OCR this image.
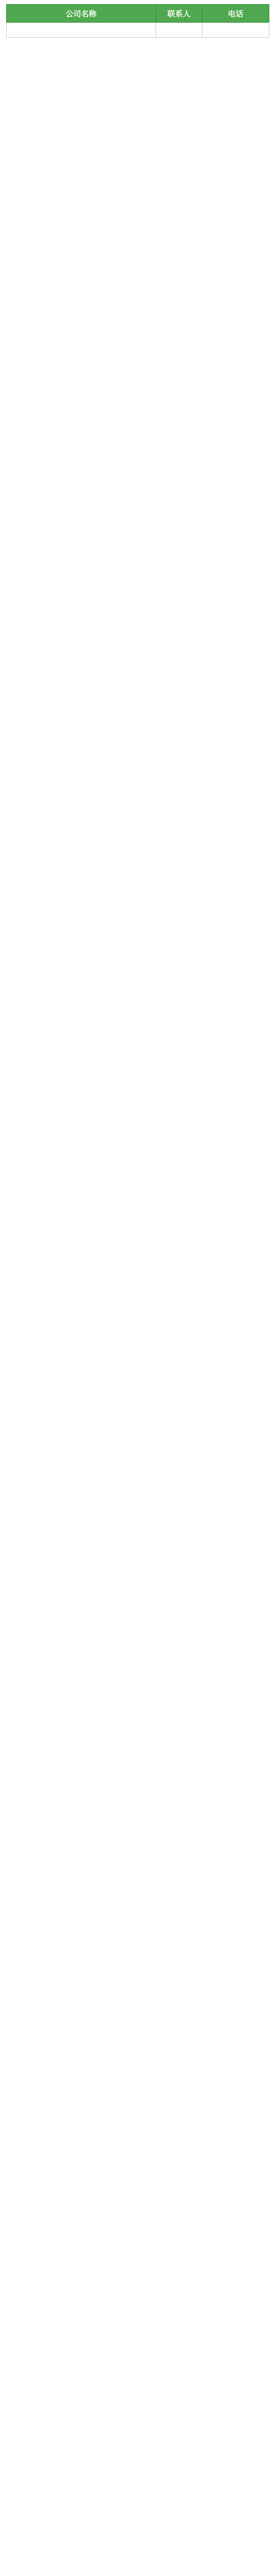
公司名称	联系人	电话
